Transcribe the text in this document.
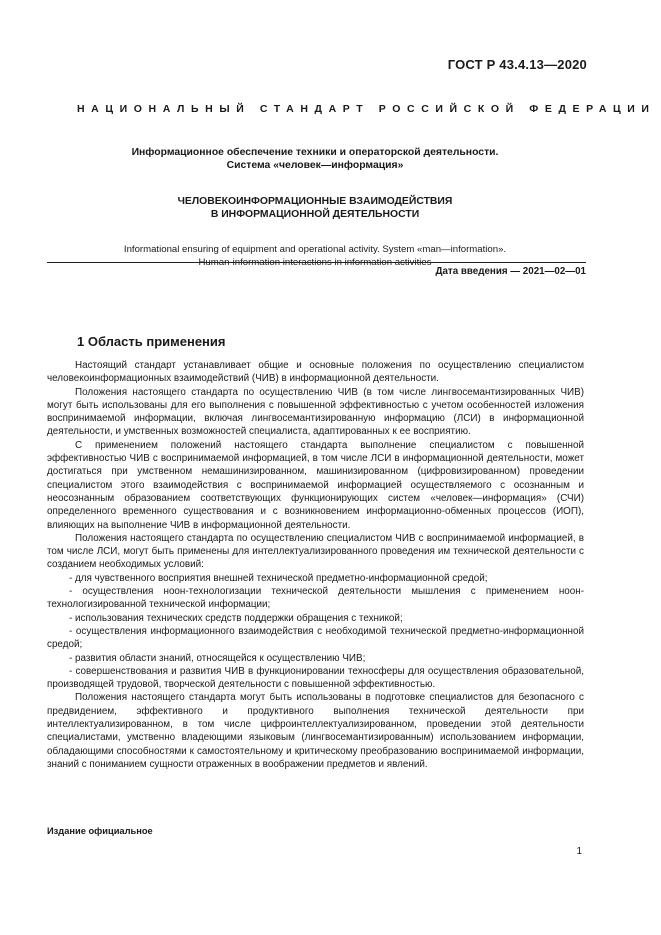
ГОСТ Р 43.4.13—2020
НАЦИОНАЛЬНЫЙ СТАНДАРТ РОССИЙСКОЙ ФЕДЕРАЦИИ

Информационное обеспечение техники и операторской деятельности.
Система «человек—информация»

ЧЕЛОВЕКОИНФОРМАЦИОННЫЕ ВЗАИМОДЕЙСТВИЯ
В ИНФОРМАЦИОННОЙ ДЕЯТЕЛЬНОСТИ

Informational ensuring of equipment and operational activity. System «man—information».
Human-information interactions in information activities

Дата введения — 2021—02—01
1 Область применения

Настоящий стандарт устанавливает общие и основные положения по осуществлению специалистом человекоинформационных взаимодействий (ЧИВ) в информационной деятельности.

Положения настоящего стандарта по осуществлению ЧИВ (в том числе лингвосемантизированных ЧИВ) могут быть использованы для его выполнения с повышенной эффективностью с учетом особенностей изложения воспринимаемой информации, включая лингвосемантизированную информацию (ЛСИ) в информационной деятельности, и умственных возможностей специалиста, адаптированных к ее восприятию.

С применением положений настоящего стандарта выполнение специалистом с повышенной эффективностью ЧИВ с воспринимаемой информацией, в том числе ЛСИ в информационной деятельности, может достигаться при умственном немашинизированном, машинизированном (цифровизированном) проведении специалистом этого взаимодействия с воспринимаемой информацией осуществляемого с осознанным и неосознанным образованием соответствующих функционирующих систем «человек—информация» (СЧИ) определенного временного существования и с возникновением информационно-обменных процессов (ИОП), влияющих на выполнение ЧИВ в информационной деятельности.

Положения настоящего стандарта по осуществлению специалистом ЧИВ с воспринимаемой информацией, в том числе ЛСИ, могут быть применены для интеллектуализированного проведения им технической деятельности с созданием необходимых условий:

- для чувственного восприятия внешней технической предметно-информационной средой;

- осуществления ноон-технологизации технической деятельности мышления с применением ноон-технологизированной технической информации;

- использования технических средств поддержки обращения с техникой;

- осуществления информационного взаимодействия с необходимой технической предметно-информационной средой;

- развития области знаний, относящейся к осуществлению ЧИВ;

- совершенствования и развития ЧИВ в функционировании техносферы для осуществления образовательной, производящей трудовой, творческой деятельности с повышенной эффективностью.

Положения настоящего стандарта могут быть использованы в подготовке специалистов для безопасного с предвидением, эффективного и продуктивного выполнения технической деятельности при интеллектуализированном, в том числе цифроинтеллектуализированном, проведении этой деятельности специалистами, умственно владеющими языковым (лингвосемантизированным) использованием информации, обладающими способностями к самостоятельному и критическому преобразованию воспринимаемой информации, знаний с пониманием сущности отраженных в воображении предметов и явлений.

Издание официальное
1
